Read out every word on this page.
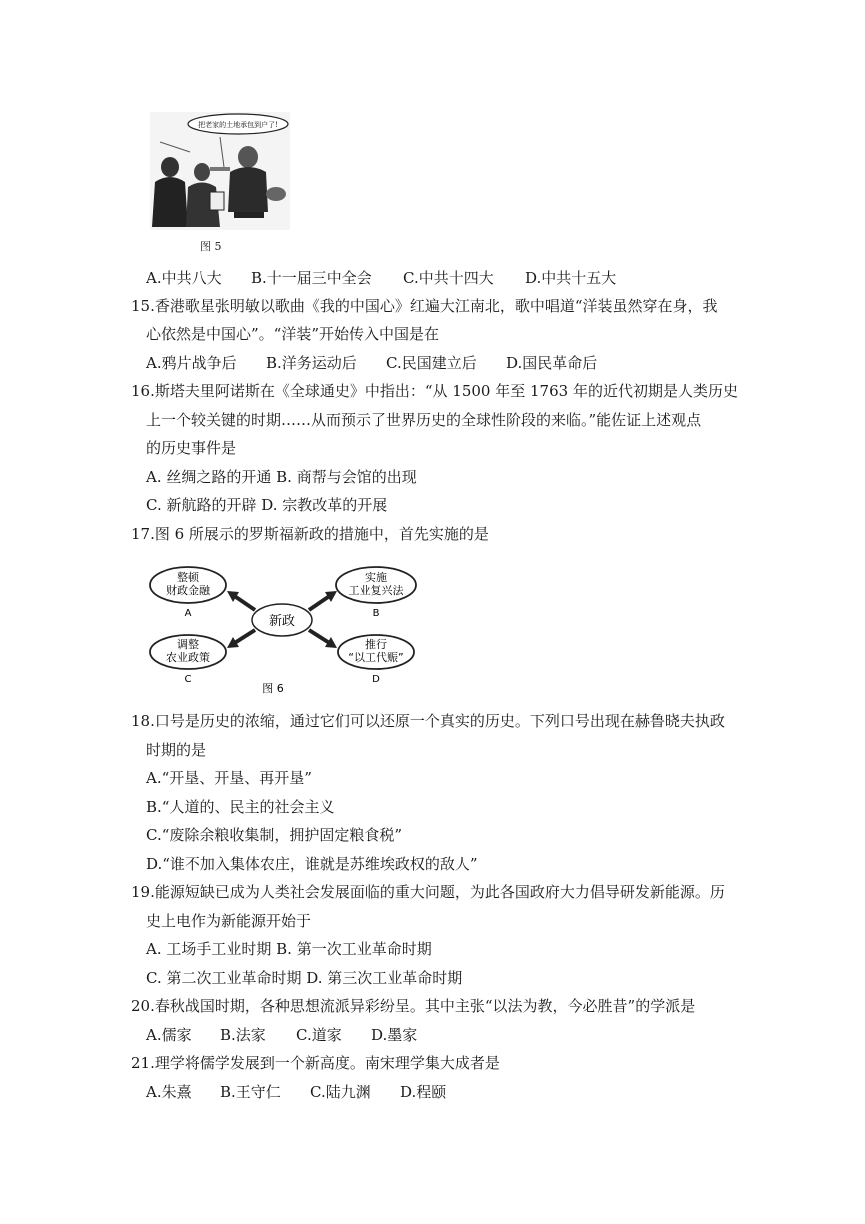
把老家的土地承包到户了!
图 5
A.中共八大 B.十一届三中全会 C.中共十四大 D.中共十五大
15.香港歌星张明敏以歌曲《我的中国心》红遍大江南北，歌中唱道“洋装虽然穿在身，我
心依然是中国心”。“洋装”开始传入中国是在
A.鸦片战争后 B.洋务运动后 C.民国建立后 D.国民革命后
16.斯塔夫里阿诺斯在《全球通史》中指出：“从 1500 年至 1763 年的近代初期是人类历史
上一个较关键的时期……从而预示了世界历史的全球性阶段的来临。”能佐证上述观点
的历史事件是
A. 丝绸之路的开通 B. 商帮与会馆的出现
C. 新航路的开辟 D. 宗教改革的开展
17.图 6 所展示的罗斯福新政的措施中，首先实施的是
新政
整顿
财政金融
A
实施
工业复兴法
B
调整
农业政策
C
推行
“以工代赈”
D
图 6
18.口号是历史的浓缩，通过它们可以还原一个真实的历史。下列口号出现在赫鲁晓夫执政
时期的是
A.“开垦、开垦、再开垦”
B.“人道的、民主的社会主义
C.“废除余粮收集制，拥护固定粮食税”
D.“谁不加入集体农庄，谁就是苏维埃政权的敌人”
19.能源短缺已成为人类社会发展面临的重大问题，为此各国政府大力倡导研发新能源。历
史上电作为新能源开始于
A. 工场手工业时期 B. 第一次工业革命时期
C. 第二次工业革命时期 D. 第三次工业革命时期
20.春秋战国时期，各种思想流派异彩纷呈。其中主张“以法为教，今必胜昔”的学派是
A.儒家 B.法家 C.道家 D.墨家
21.理学将儒学发展到一个新高度。南宋理学集大成者是
A.朱熹 B.王守仁 C.陆九渊 D.程颐
